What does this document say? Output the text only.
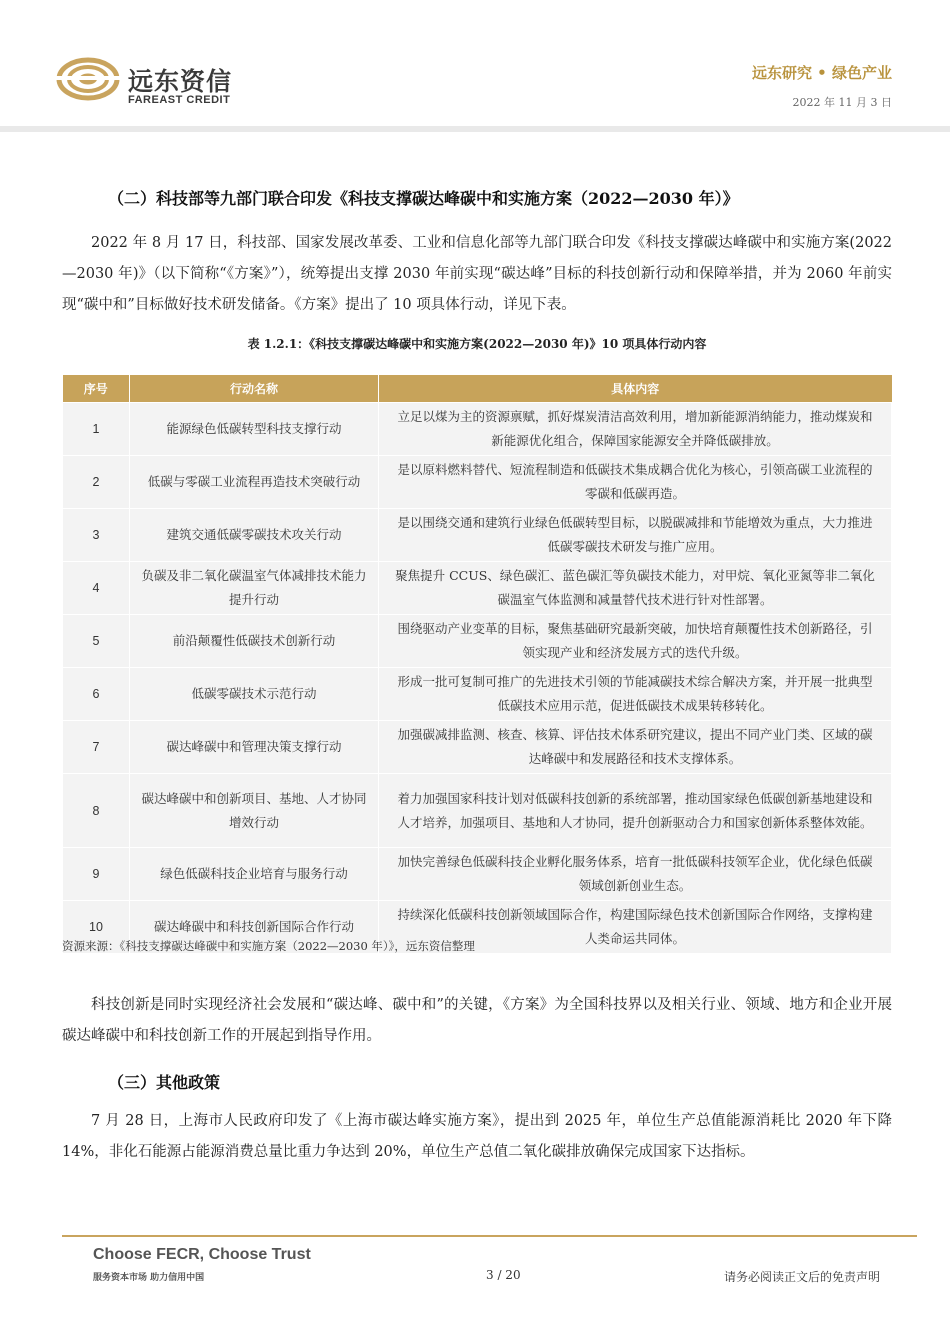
远东资信
FAREAST CREDIT
远东研究 • 绿色产业
2022 年 11 月 3 日
（二）科技部等九部门联合印发《科技支撑碳达峰碳中和实施方案（2022—2030 年）》
2022 年 8 月 17 日，科技部、国家发展改革委、工业和信息化部等九部门联合印发《科技支撑碳达峰碳中和实施方案(2022—2030 年)》（以下简称“《方案》”），统筹提出支撑 2030 年前实现“碳达峰”目标的科技创新行动和保障举措，并为 2060 年前实现“碳中和”目标做好技术研发储备。《方案》提出了 10 项具体行动，详见下表。
表 1.2.1：《科技支撑碳达峰碳中和实施方案(2022—2030 年)》10 项具体行动内容
序号	行动名称	具体内容
1	能源绿色低碳转型科技支撑行动	立足以煤为主的资源禀赋，抓好煤炭清洁高效利用，增加新能源消纳能力，推动煤炭和新能源优化组合，保障国家能源安全并降低碳排放。
2	低碳与零碳工业流程再造技术突破行动	是以原料燃料替代、短流程制造和低碳技术集成耦合优化为核心，引领高碳工业流程的零碳和低碳再造。
3	建筑交通低碳零碳技术攻关行动	是以围绕交通和建筑行业绿色低碳转型目标，以脱碳减排和节能增效为重点，大力推进低碳零碳技术研发与推广应用。
4	负碳及非二氧化碳温室气体减排技术能力提升行动	聚焦提升 CCUS、绿色碳汇、蓝色碳汇等负碳技术能力，对甲烷、氧化亚氮等非二氧化碳温室气体监测和减量替代技术进行针对性部署。
5	前沿颠覆性低碳技术创新行动	围绕驱动产业变革的目标，聚焦基础研究最新突破，加快培育颠覆性技术创新路径，引领实现产业和经济发展方式的迭代升级。
6	低碳零碳技术示范行动	形成一批可复制可推广的先进技术引领的节能减碳技术综合解决方案，并开展一批典型低碳技术应用示范，促进低碳技术成果转移转化。
7	碳达峰碳中和管理决策支撑行动	加强碳减排监测、核查、核算、评估技术体系研究建议，提出不同产业门类、区域的碳达峰碳中和发展路径和技术支撑体系。
8	碳达峰碳中和创新项目、基地、人才协同增效行动	着力加强国家科技计划对低碳科技创新的系统部署，推动国家绿色低碳创新基地建设和人才培养，加强项目、基地和人才协同，提升创新驱动合力和国家创新体系整体效能。
9	绿色低碳科技企业培育与服务行动	加快完善绿色低碳科技企业孵化服务体系，培育一批低碳科技领军企业，优化绿色低碳领域创新创业生态。
10	碳达峰碳中和科技创新国际合作行动	持续深化低碳科技创新领域国际合作，构建国际绿色技术创新国际合作网络，支撑构建人类命运共同体。
资源来源：《科技支撑碳达峰碳中和实施方案（2022—2030 年）》，远东资信整理
科技创新是同时实现经济社会发展和“碳达峰、碳中和”的关键，《方案》为全国科技界以及相关行业、领域、地方和企业开展碳达峰碳中和科技创新工作的开展起到指导作用。
（三）其他政策
7 月 28 日，上海市人民政府印发了《上海市碳达峰实施方案》，提出到 2025 年，单位生产总值能源消耗比 2020 年下降 14%，非化石能源占能源消费总量比重力争达到 20%，单位生产总值二氧化碳排放确保完成国家下达指标。
Choose FECR, Choose Trust
服务资本市场 助力信用中国	3 / 20	请务必阅读正文后的免责声明
